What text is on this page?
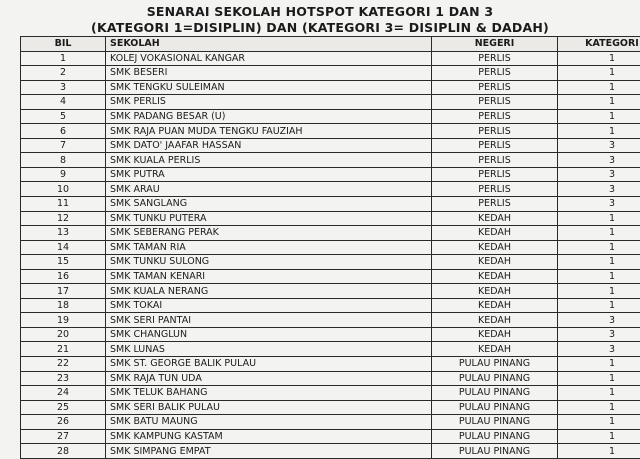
SENARAI SEKOLAH HOTSPOT KATEGORI 1 DAN 3
(KATEGORI 1=DISIPLIN) DAN (KATEGORI 3= DISIPLIN & DADAH)
BIL	SEKOLAH	NEGERI	KATEGORI
1	KOLEJ VOKASIONAL KANGAR	PERLIS	1
2	SMK BESERI	PERLIS	1
3	SMK TENGKU SULEIMAN	PERLIS	1
4	SMK PERLIS	PERLIS	1
5	SMK PADANG BESAR (U)	PERLIS	1
6	SMK RAJA PUAN MUDA TENGKU FAUZIAH	PERLIS	1
7	SMK DATO' JAAFAR HASSAN	PERLIS	3
8	SMK KUALA PERLIS	PERLIS	3
9	SMK PUTRA	PERLIS	3
10	SMK ARAU	PERLIS	3
11	SMK SANGLANG	PERLIS	3
12	SMK TUNKU PUTERA	KEDAH	1
13	SMK SEBERANG PERAK	KEDAH	1
14	SMK TAMAN RIA	KEDAH	1
15	SMK TUNKU SULONG	KEDAH	1
16	SMK TAMAN KENARI	KEDAH	1
17	SMK KUALA NERANG	KEDAH	1
18	SMK TOKAI	KEDAH	1
19	SMK SERI PANTAI	KEDAH	3
20	SMK CHANGLUN	KEDAH	3
21	SMK LUNAS	KEDAH	3
22	SMK ST. GEORGE BALIK PULAU	PULAU PINANG	1
23	SMK RAJA TUN UDA	PULAU PINANG	1
24	SMK TELUK BAHANG	PULAU PINANG	1
25	SMK SERI BALIK PULAU	PULAU PINANG	1
26	SMK BATU MAUNG	PULAU PINANG	1
27	SMK KAMPUNG KASTAM	PULAU PINANG	1
28	SMK SIMPANG EMPAT	PULAU PINANG	1
